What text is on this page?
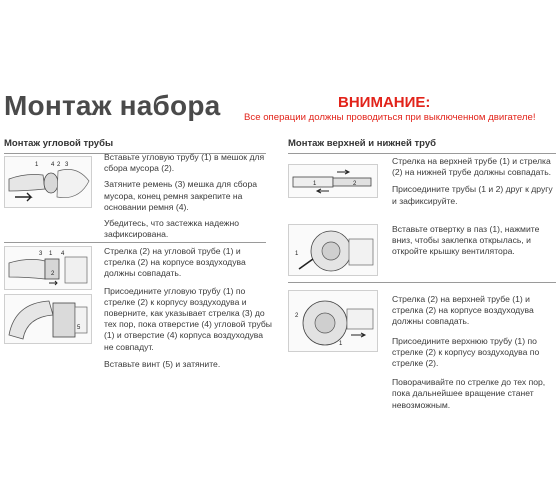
Монтаж набора	ВНИМАНИЕ:
Все операции должны проводиться при выключенном двигателе!
Монтаж угловой трубы
1	2
4 3

Вставьте угловую трубу (1) в мешок для сбора мусора (2).

Затяните ремень (3) мешка для сбора мусора, конец ремня закрепите на основании ремня (4).

Убедитесь, что застежка надежно зафиксирована.

3 1 4
2
5

Стрелка (2) на угловой трубе (1) и стрелка (2) на корпусе воздуходува должны совпадать.

Присоедините угловую трубу (1) по стрелке (2) к корпусу воздуходува и поверните, как указывает стрелка (3) до тех пор, пока отверстие (4) угловой трубы (1) и отверстие (4) корпуса воздуходува не совпадут.

Вставьте винт (5) и затяните.

Монтаж верхней и нижней труб
1	2

Стрелка на верхней трубе (1) и стрелка (2) на нижней трубе должны совпадать.

Присоедините трубы (1 и 2) друг к другу и зафиксируйте.

1

Вставьте отвертку в паз (1), нажмите вниз, чтобы заклепка открылась, и откройте крышку вентилятора.

2
1

Стрелка (2) на верхней трубе (1) и стрелка (2) на корпусе воздуходува должны совпадать.

Присоедините верхнюю трубу (1) по стрелке (2) к корпусу воздуходува по стрелке (2).

Поворачивайте по стрелке до тех пор, пока дальнейшее вращение станет невозможным.
